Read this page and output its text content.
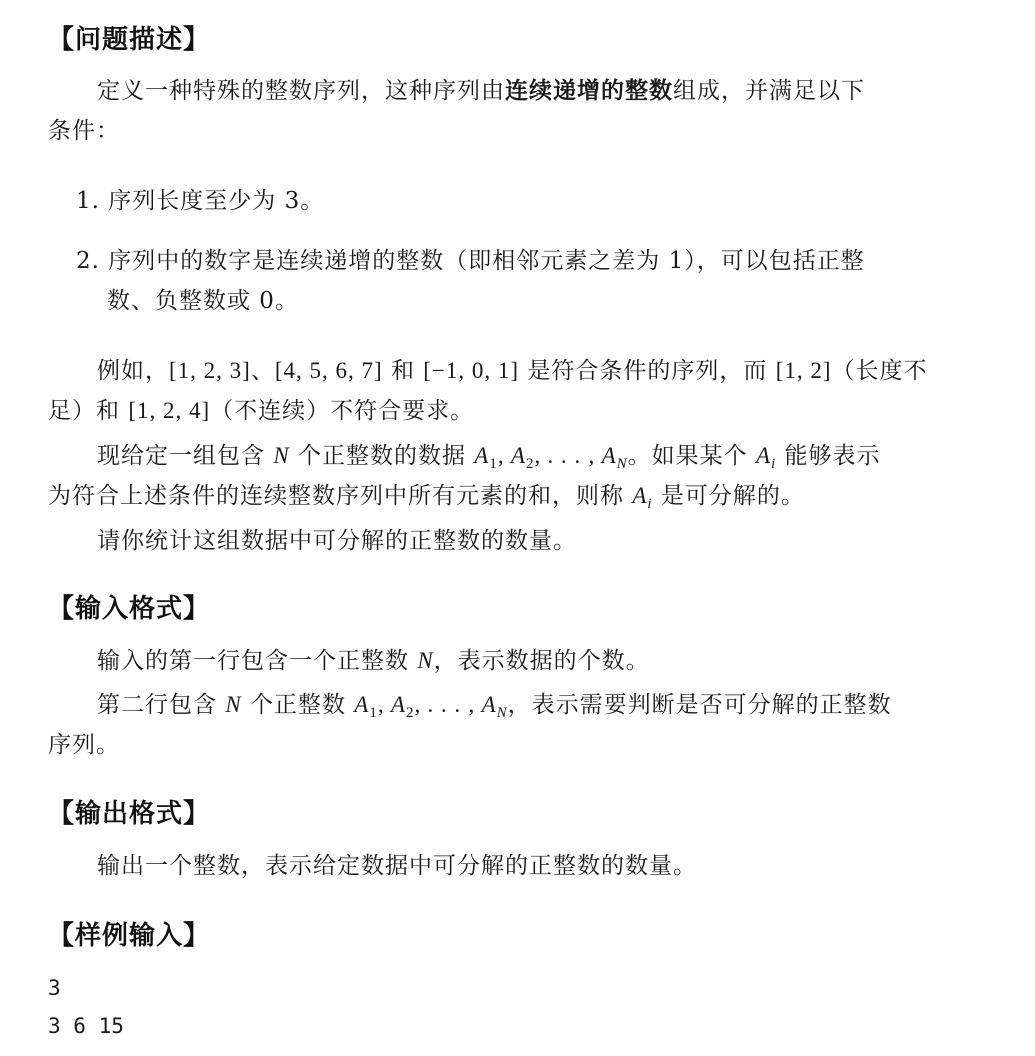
【问题描述】
定义一种特殊的整数序列，这种序列由连续递增的整数组成，并满足以下
条件：
1. 序列长度至少为 3。
2. 序列中的数字是连续递增的整数（即相邻元素之差为 1），可以包括正整
数、负整数或 0。
例如，[1, 2, 3]、[4, 5, 6, 7] 和 [−1, 0, 1] 是符合条件的序列，而 [1, 2]（长度不
足）和 [1, 2, 4]（不连续）不符合要求。
现给定一组包含 N 个正整数的数据 $A_1$, $A_2$, . . . , $A_N$。如果某个 $A_i$ 能够表示
为符合上述条件的连续整数序列中所有元素的和，则称 $A_i$ 是可分解的。
请你统计这组数据中可分解的正整数的数量。
【输入格式】
输入的第一行包含一个正整数 N，表示数据的个数。
第二行包含 N 个正整数 $A_1$, $A_2$, . . . , $A_N$，表示需要判断是否可分解的正整数
序列。
【输出格式】
输出一个整数，表示给定数据中可分解的正整数的数量。
【样例输入】
3
3 6 15
